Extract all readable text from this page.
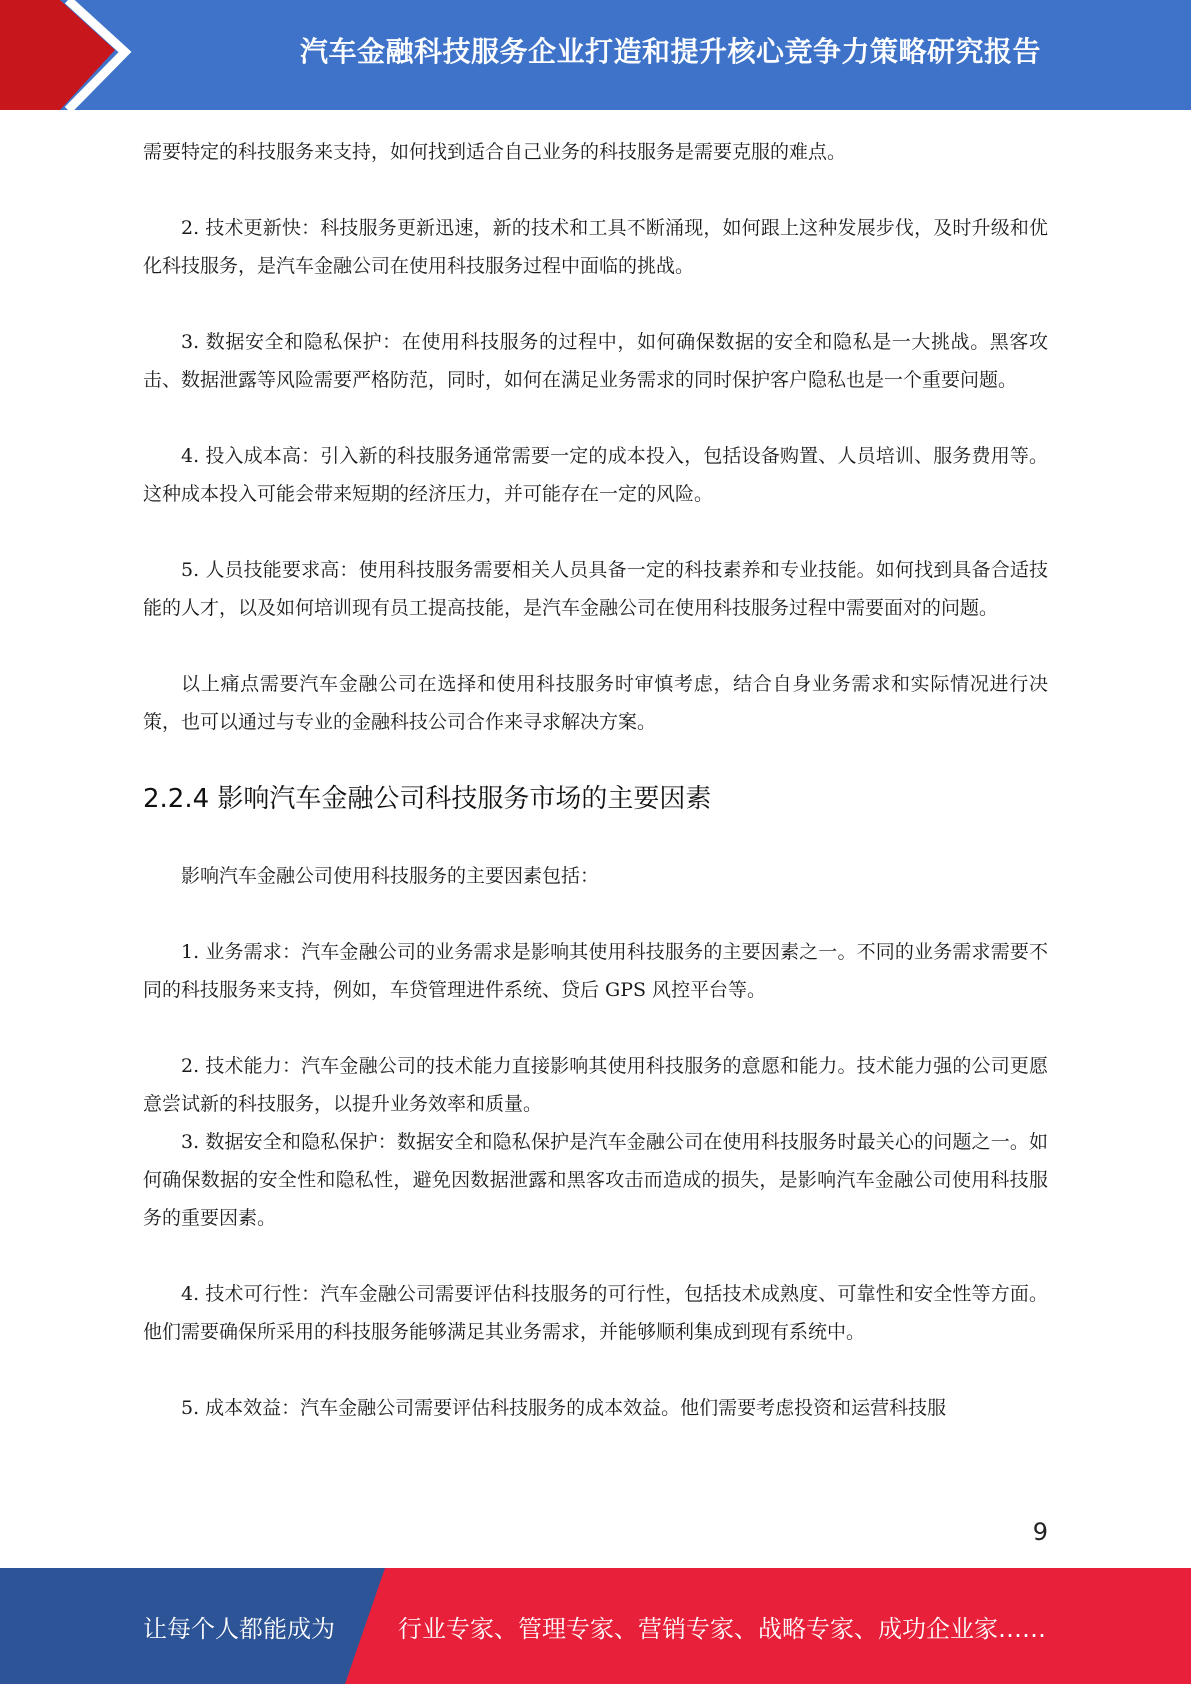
汽车金融科技服务企业打造和提升核心竞争力策略研究报告

需要特定的科技服务来支持，如何找到适合自己业务的科技服务是需要克服的难点。

2. 技术更新快：科技服务更新迅速，新的技术和工具不断涌现，如何跟上这种发展步伐，及时升级和优化科技服务，是汽车金融公司在使用科技服务过程中面临的挑战。

3. 数据安全和隐私保护：在使用科技服务的过程中，如何确保数据的安全和隐私是一大挑战。黑客攻击、数据泄露等风险需要严格防范，同时，如何在满足业务需求的同时保护客户隐私也是一个重要问题。

4. 投入成本高：引入新的科技服务通常需要一定的成本投入，包括设备购置、人员培训、服务费用等。这种成本投入可能会带来短期的经济压力，并可能存在一定的风险。

5. 人员技能要求高：使用科技服务需要相关人员具备一定的科技素养和专业技能。如何找到具备合适技能的人才，以及如何培训现有员工提高技能，是汽车金融公司在使用科技服务过程中需要面对的问题。

以上痛点需要汽车金融公司在选择和使用科技服务时审慎考虑，结合自身业务需求和实际情况进行决策，也可以通过与专业的金融科技公司合作来寻求解决方案。

2.2.4 影响汽车金融公司科技服务市场的主要因素

影响汽车金融公司使用科技服务的主要因素包括：

1. 业务需求：汽车金融公司的业务需求是影响其使用科技服务的主要因素之一。不同的业务需求需要不同的科技服务来支持，例如，车贷管理进件系统、贷后 GPS 风控平台等。

2. 技术能力：汽车金融公司的技术能力直接影响其使用科技服务的意愿和能力。技术能力强的公司更愿意尝试新的科技服务，以提升业务效率和质量。

3. 数据安全和隐私保护：数据安全和隐私保护是汽车金融公司在使用科技服务时最关心的问题之一。如何确保数据的安全性和隐私性，避免因数据泄露和黑客攻击而造成的损失，是影响汽车金融公司使用科技服务的重要因素。

4. 技术可行性：汽车金融公司需要评估科技服务的可行性，包括技术成熟度、可靠性和安全性等方面。他们需要确保所采用的科技服务能够满足其业务需求，并能够顺利集成到现有系统中。

5. 成本效益：汽车金融公司需要评估科技服务的成本效益。他们需要考虑投资和运营科技服

9
让每个人都能成为	行业专家、管理专家、营销专家、战略专家、成功企业家……
